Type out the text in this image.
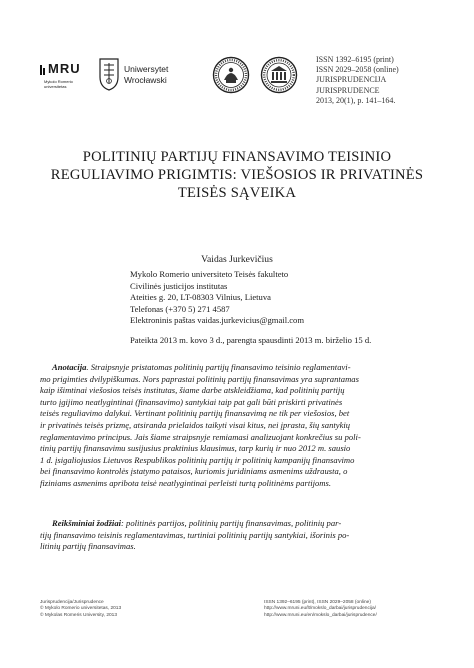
MRU
Mykolo Romerio universitetas
Uniwersytet
Wrocławski
ISSN 1392–6195 (print)
ISSN 2029–2058 (online)
JURISPRUDENCIJA
JURISPRUDENCE
2013, 20(1), p. 141–164.
POLITINIŲ PARTIJŲ FINANSAVIMO TEISINIO
REGULIAVIMO PRIGIMTIS: VIEŠOSIOS IR PRIVATINĖS
TEISĖS SĄVEIKA
Vaidas Jurkevičius
Mykolo Romerio universiteto Teisės fakulteto
Civilinės justicijos institutas
Ateities g. 20, LT-08303 Vilnius, Lietuva
Telefonas (+370 5) 271 4587
Elektroninis paštas vaidas.jurkevicius@gmail.com
Pateikta 2013 m. kovo 3 d., parengta spausdinti 2013 m. birželio 15 d.
Anotacija. Straipsnyje pristatomas politinių partijų finansavimo teisinio reglamentavi-
mo prigimties dvilypiškumas. Nors paprastai politinių partijų finansavimas yra suprantamas
kaip išimtinai viešosios teisės institutas, šiame darbe atskleidžiama, kad politinių partijų
turto įgijimo neatlygintinai (finansavimo) santykiai taip pat gali būti priskirti privatinės
teisės reguliavimo dalykui. Vertinant politinių partijų finansavimą ne tik per viešosios, bet
ir privatinės teisės prizmę, atsiranda prielaidos taikyti visai kitus, nei įprasta, šių santykių
reglamentavimo principus. Jais šiame straipsnyje remiamasi analizuojant konkrečius su poli-
tinių partijų finansavimu susijusius praktinius klausimus, tarp kurių ir nuo 2012 m. sausio
1 d. įsigaliojusios Lietuvos Respublikos politinių partijų ir politinių kampanijų finansavimo
bei finansavimo kontrolės įstatymo pataisos, kuriomis juridiniams asmenims uždrausta, o
fiziniams asmenims apribota teisė neatlygintinai perleisti turtą politinėms partijoms.
Reikšminiai žodžiai: politinės partijos, politinių partijų finansavimas, politinių par-
tijų finansavimo teisinis reglamentavimas, turtiniai politinių partijų santykiai, išorinis po-
litinių partijų finansavimas.
Jurisprudencija/Jurisprudence
© Mykolo Romerio universitetas, 2013
© Mykolas Romeris University, 2013
ISSN 1392–6195 (print), ISSN 2029–2058 (online)
http://www.mruni.eu/lt/mokslo_darbai/jurisprudencija/
http://www.mruni.eu/en/mokslo_darbai/jurisprudence/
